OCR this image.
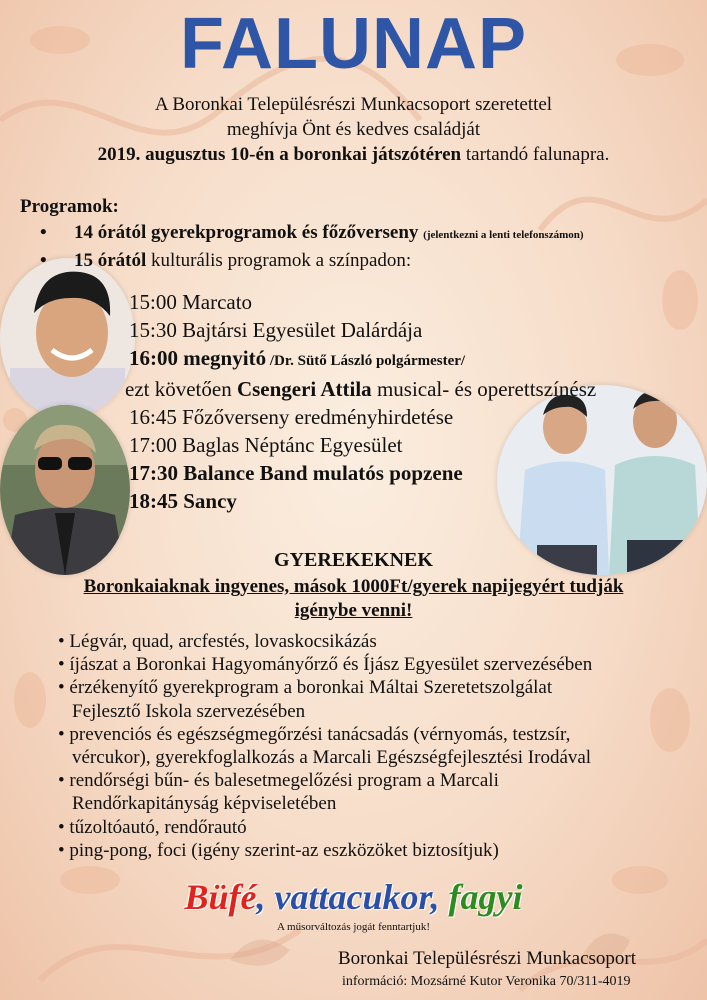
FALUNAP
A Boronkai Településrészi Munkacsoport szeretettel
meghívja Önt és kedves családját
2019. augusztus 10-én a boronkai játszótéren tartandó falunapra.
Programok:
• 14 órától gyerekprogramok és főzőverseny (jelentkezni a lenti telefonszámon)
• 15 órától kulturális programok a színpadon:
15:00 Marcato
15:30 Bajtársi Egyesület Dalárdája
16:00 megnyitó /Dr. Sütő László polgármester/
ezt követően Csengeri Attila musical- és operettszínész
16:45 Főzőverseny eredményhirdetése
17:00 Baglas Néptánc Egyesület
17:30 Balance Band mulatós popzene
18:45 Sancy
GYEREKEKNEK
Boronkaiaknak ingyenes, mások 1000Ft/gyerek napijegyért tudják
igénybe venni!
• Légvár, quad, arcfestés, lovaskocsikázás
• íjászat a Boronkai Hagyományőrző és Íjász Egyesület szervezésében
• érzékenyítő gyerekprogram a boronkai Máltai Szeretetszolgálat
Fejlesztő Iskola szervezésében
• prevenciós és egészségmegőrzési tanácsadás (vérnyomás, testzsír,
vércukor), gyerekfoglalkozás a Marcali Egészségfejlesztési Irodával
• rendőrségi bűn- és balesetmegelőzési program a Marcali
Rendőrkapitányság képviseletében
• tűzoltóautó, rendőrautó
• ping-pong, foci (igény szerint-az eszközöket biztosítjuk)
Büfé, vattacukor, fagyi
A műsorváltozás jogát fenntartjuk!
Boronkai Településrészi Munkacsoport
információ: Mozsárné Kutor Veronika 70/311-4019
